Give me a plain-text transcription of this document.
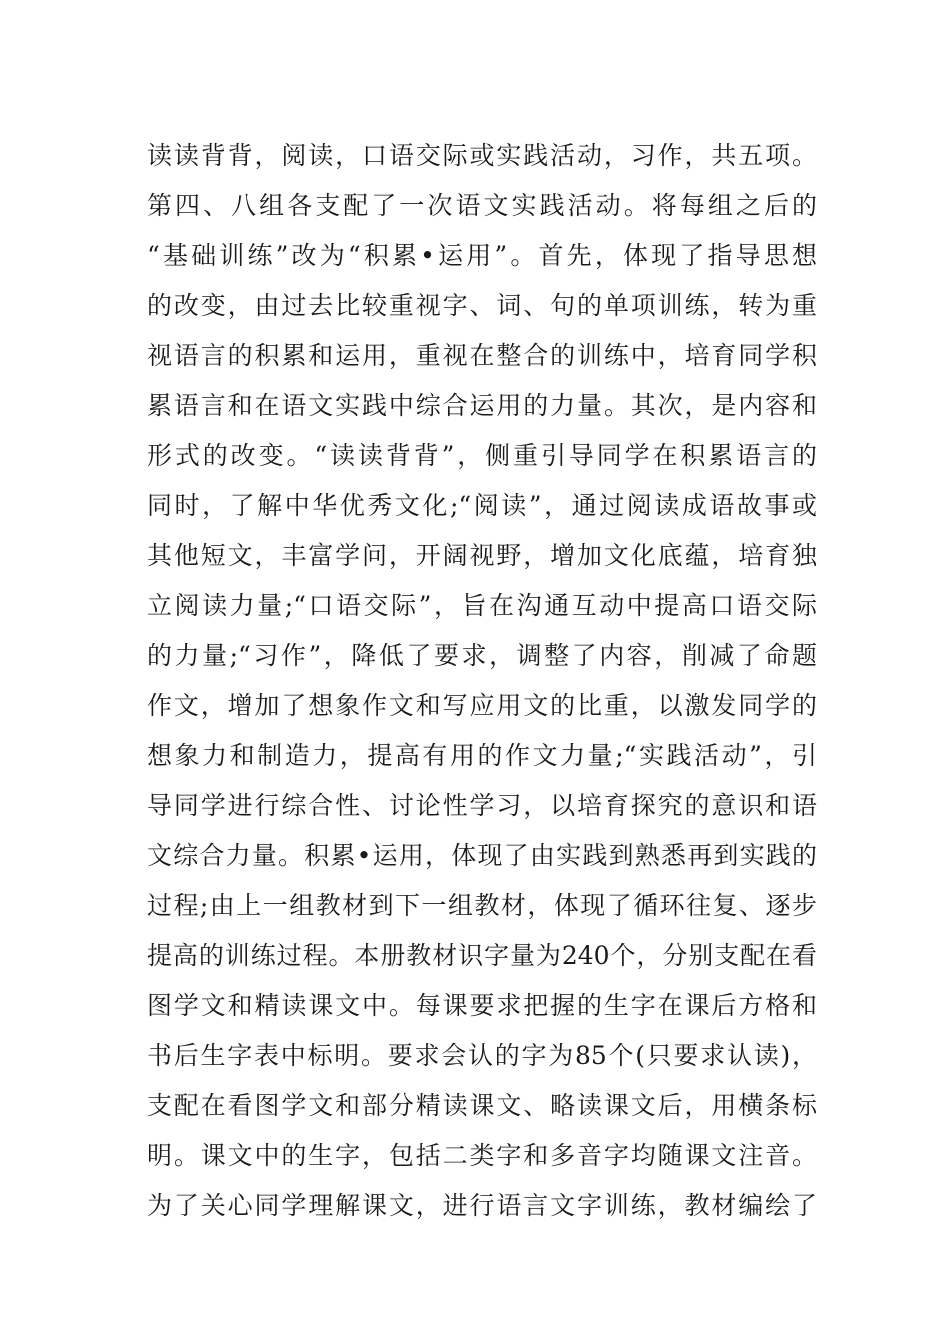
读读背背，阅读，口语交际或实践活动，习作，共五项。
第四、八组各支配了一次语文实践活动。将每组之后的
“基础训练”改为“积累•运用”。首先，体现了指导思想
的改变，由过去比较重视字、词、句的单项训练，转为重
视语言的积累和运用，重视在整合的训练中，培育同学积
累语言和在语文实践中综合运用的力量。其次，是内容和
形式的改变。“读读背背”，侧重引导同学在积累语言的
同时，了解中华优秀文化;“阅读”，通过阅读成语故事或
其他短文，丰富学问，开阔视野，增加文化底蕴，培育独
立阅读力量;“口语交际”，旨在沟通互动中提高口语交际
的力量;“习作”，降低了要求，调整了内容，削减了命题
作文，增加了想象作文和写应用文的比重，以激发同学的
想象力和制造力，提高有用的作文力量;“实践活动”，引
导同学进行综合性、讨论性学习，以培育探究的意识和语
文综合力量。积累•运用，体现了由实践到熟悉再到实践的
过程;由上一组教材到下一组教材，体现了循环往复、逐步
提高的训练过程。本册教材识字量为240个，分别支配在看
图学文和精读课文中。每课要求把握的生字在课后方格和
书后生字表中标明。要求会认的字为85个(只要求认读)，
支配在看图学文和部分精读课文、略读课文后，用横条标
明。课文中的生字，包括二类字和多音字均随课文注音。
为了关心同学理解课文，进行语言文字训练，教材编绘了
